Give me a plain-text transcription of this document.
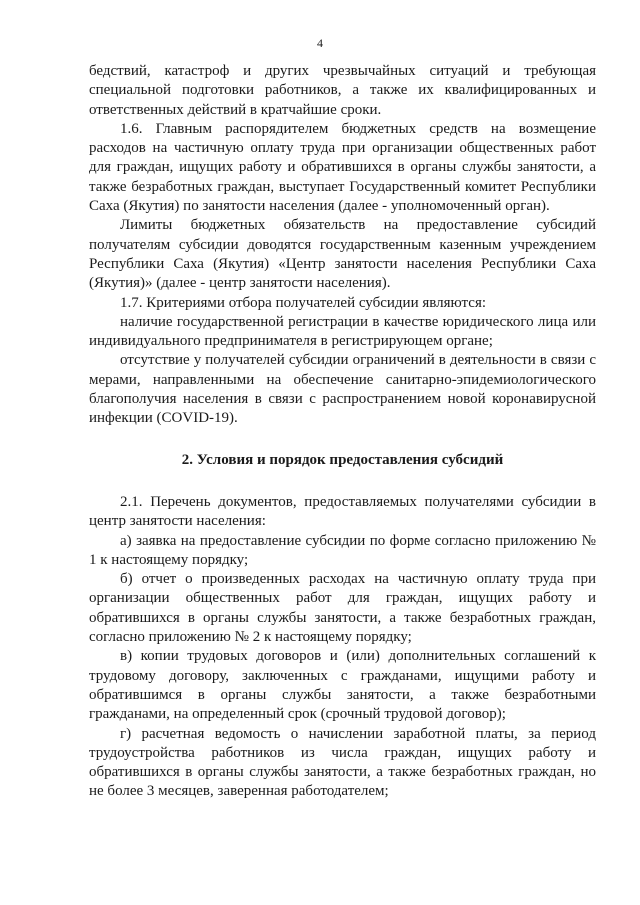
4

бедствий, катастроф и других чрезвычайных ситуаций и требующая специальной подготовки работников, а также их квалифицированных и ответственных действий в кратчайшие сроки.

1.6. Главным распорядителем бюджетных средств на возмещение расходов на частичную оплату труда при организации общественных работ для граждан, ищущих работу и обратившихся в органы службы занятости, а также безработных граждан, выступает Государственный комитет Республики Саха (Якутия) по занятости населения (далее - уполномоченный орган).

Лимиты бюджетных обязательств на предоставление субсидий получателям субсидии доводятся государственным казенным учреждением Республики Саха (Якутия) «Центр занятости населения Республики Саха (Якутия)» (далее - центр занятости населения).

1.7. Критериями отбора получателей субсидии являются:

наличие государственной регистрации в качестве юридического лица или индивидуального предпринимателя в регистрирующем органе;

отсутствие у получателей субсидии ограничений в деятельности в связи с мерами, направленными на обеспечение санитарно-эпидемиологического благополучия населения в связи с распространением новой коронавирусной инфекции (COVID-19).

2. Условия и порядок предоставления субсидий

2.1. Перечень документов, предоставляемых получателями субсидии в центр занятости населения:

а) заявка на предоставление субсидии по форме согласно приложению № 1 к настоящему порядку;

б) отчет о произведенных расходах на частичную оплату труда при организации общественных работ для граждан, ищущих работу и обратившихся в органы службы занятости, а также безработных граждан, согласно приложению № 2 к настоящему порядку;

в) копии трудовых договоров и (или) дополнительных соглашений к трудовому договору, заключенных с гражданами, ищущими работу и обратившимся в органы службы занятости, а также безработными гражданами, на определенный срок (срочный трудовой договор);

г) расчетная ведомость о начислении заработной платы, за период трудоустройства работников из числа граждан, ищущих работу и обратившихся в органы службы занятости, а также безработных граждан, но не более 3 месяцев, заверенная работодателем;
